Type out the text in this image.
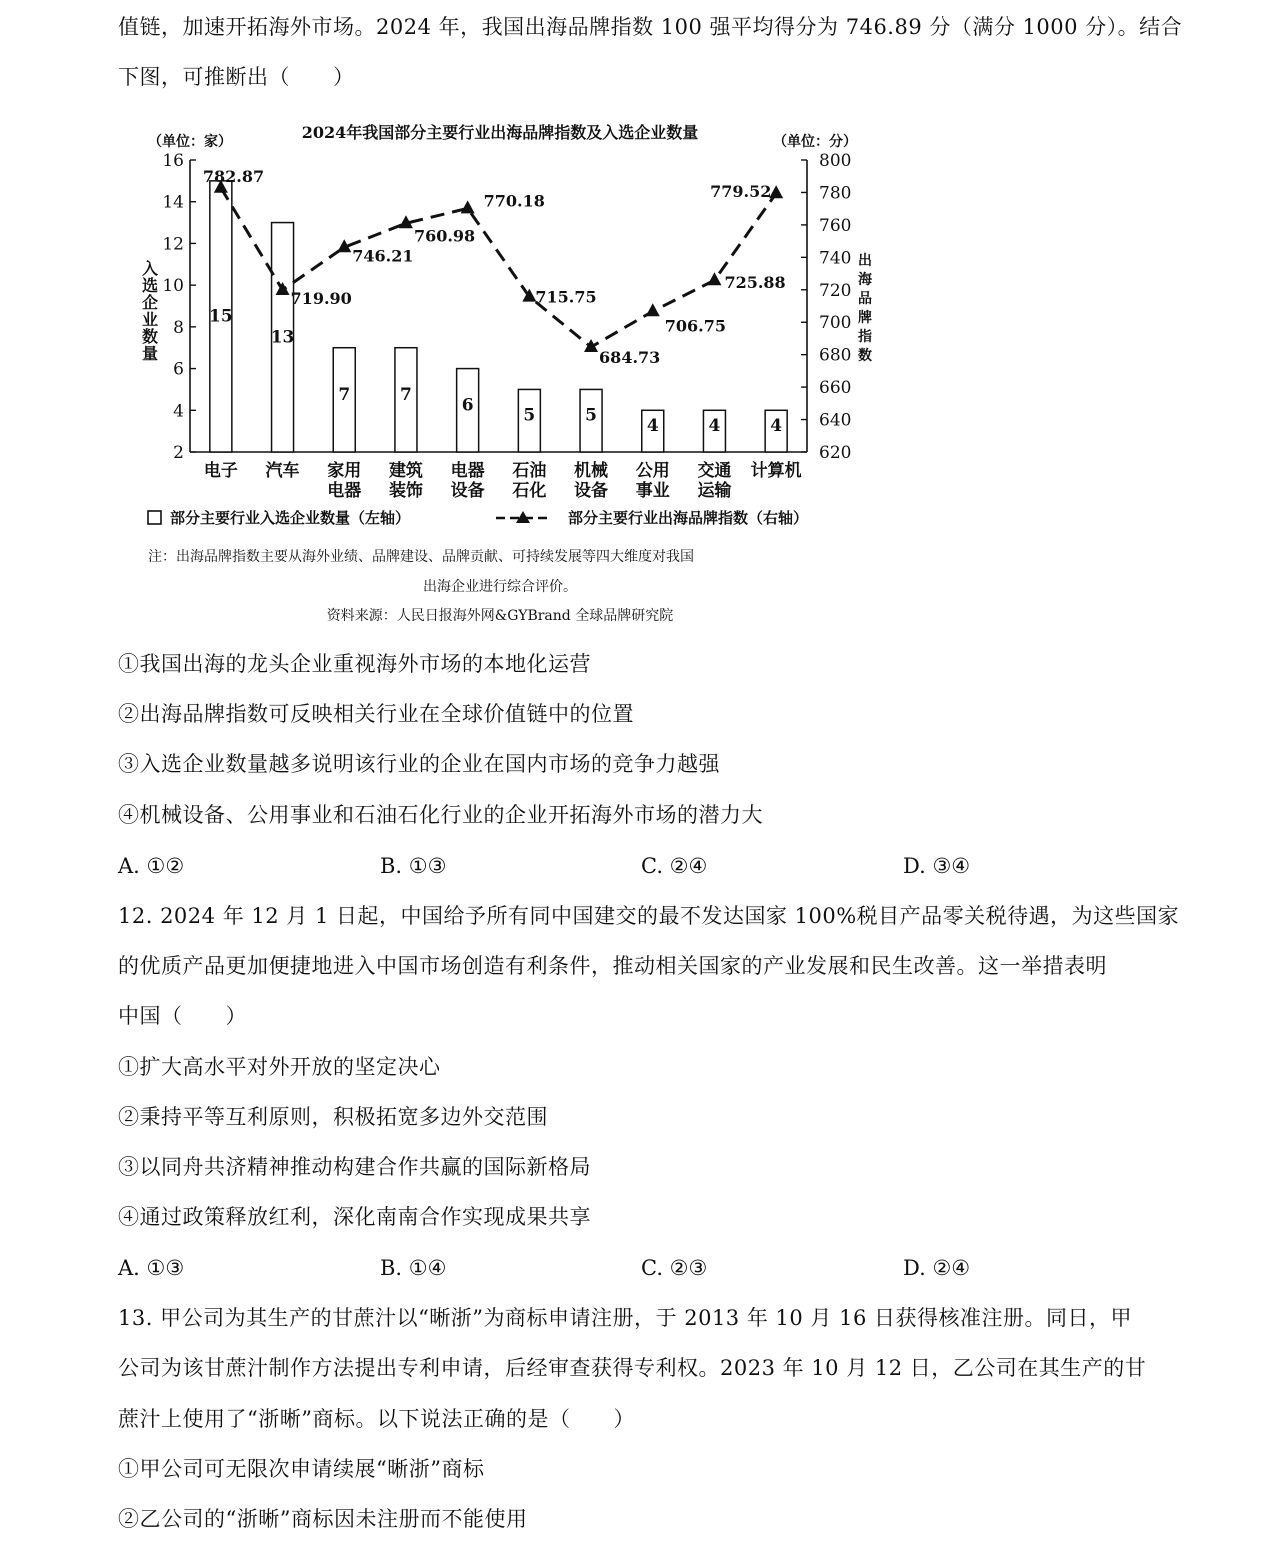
值链，加速开拓海外市场。2024 年，我国出海品牌指数 100 强平均得分为 746.89 分（满分 1000 分）。结合
下图，可推断出（　　）
2024年我国部分主要行业出海品牌指数及入选企业数量
（单位：家）	（单位：分）
入
选
企
业
数
量
出
海
品
牌
指
数
2
4
6
8
10
12
14
16
620
640
660
680
700
720
740
760
780
800
15
13
7	7
6
5	5
4	4	4
782.87
719.90
746.21
760.98
770.18
715.75
684.73
706.75
725.88
779.52
电子 汽车 家用
电器
建筑
装饰
电器
设备
石油
石化
机械
设备
公用
事业
交通
运输
计算机
部分主要行业入选企业数量（左轴）	部分主要行业出海品牌指数（右轴）
注：出海品牌指数主要从海外业绩、品牌建设、品牌贡献、可持续发展等四大维度对我国
出海企业进行综合评价。
资料来源：人民日报海外网&GYBrand 全球品牌研究院
①我国出海的龙头企业重视海外市场的本地化运营
②出海品牌指数可反映相关行业在全球价值链中的位置
③入选企业数量越多说明该行业的企业在国内市场的竞争力越强
④机械设备、公用事业和石油石化行业的企业开拓海外市场的潜力大
A. ①②	B. ①③	C. ②④	D. ③④
12. 2024 年 12 月 1 日起，中国给予所有同中国建交的最不发达国家 100%税目产品零关税待遇，为这些国家
的优质产品更加便捷地进入中国市场创造有利条件，推动相关国家的产业发展和民生改善。这一举措表明
中国（　　）
①扩大高水平对外开放的坚定决心
②秉持平等互利原则，积极拓宽多边外交范围
③以同舟共济精神推动构建合作共赢的国际新格局
④通过政策释放红利，深化南南合作实现成果共享
A. ①③	B. ①④	C. ②③	D. ②④
13. 甲公司为其生产的甘蔗汁以“晰浙”为商标申请注册，于 2013 年 10 月 16 日获得核准注册。同日，甲
公司为该甘蔗汁制作方法提出专利申请，后经审查获得专利权。2023 年 10 月 12 日，乙公司在其生产的甘
蔗汁上使用了“浙晰”商标。以下说法正确的是（　　）
①甲公司可无限次申请续展“晰浙”商标
②乙公司的“浙晰”商标因未注册而不能使用
